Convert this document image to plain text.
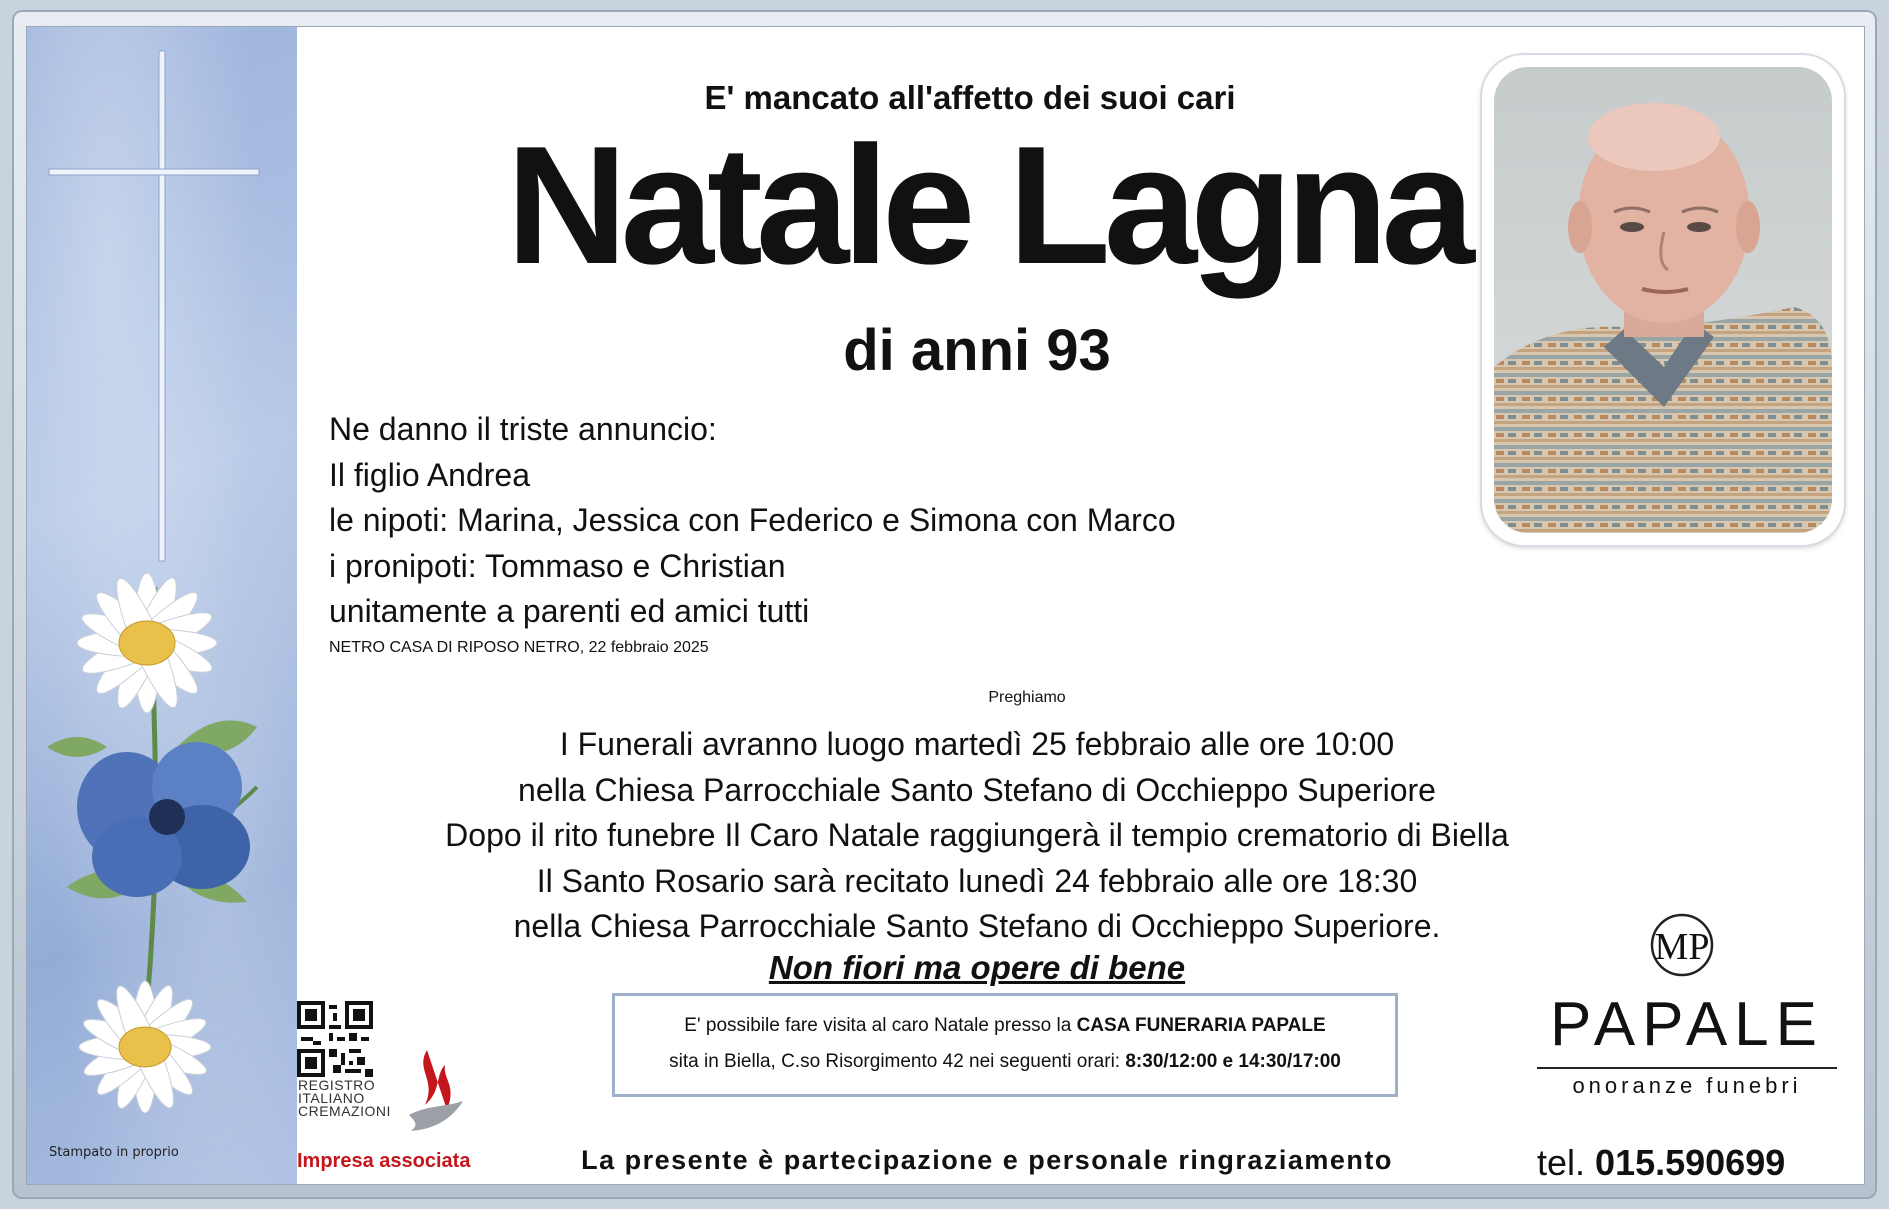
Stampato in proprio
E' mancato all'affetto dei suoi cari
Natale Lagna
di anni 93
Ne danno il triste annuncio:
Il figlio Andrea
le nipoti: Marina, Jessica con Federico e Simona con Marco
i pronipoti: Tommaso e Christian
unitamente a parenti ed amici tutti
NETRO CASA DI RIPOSO NETRO, 22 febbraio 2025
Preghiamo
I Funerali avranno luogo martedì 25 febbraio alle ore 10:00
nella Chiesa Parrocchiale Santo Stefano di Occhieppo Superiore
Dopo il rito funebre Il Caro Natale raggiungerà il tempio crematorio di Biella
Il Santo Rosario sarà recitato lunedì 24 febbraio alle ore 18:30
nella Chiesa Parrocchiale Santo Stefano di Occhieppo Superiore.
Non fiori ma opere di bene
E' possibile fare visita al caro Natale presso la CASA FUNERARIA PAPALE
sita in Biella, C.so Risorgimento 42 nei seguenti orari: 8:30/12:00 e 14:30/17:00
La presente è partecipazione e personale ringraziamento
MP
PAPALE
onoranze funebri
tel. 015.590699
REGISTRO
ITALIANO
CREMAZIONI
Impresa associata
